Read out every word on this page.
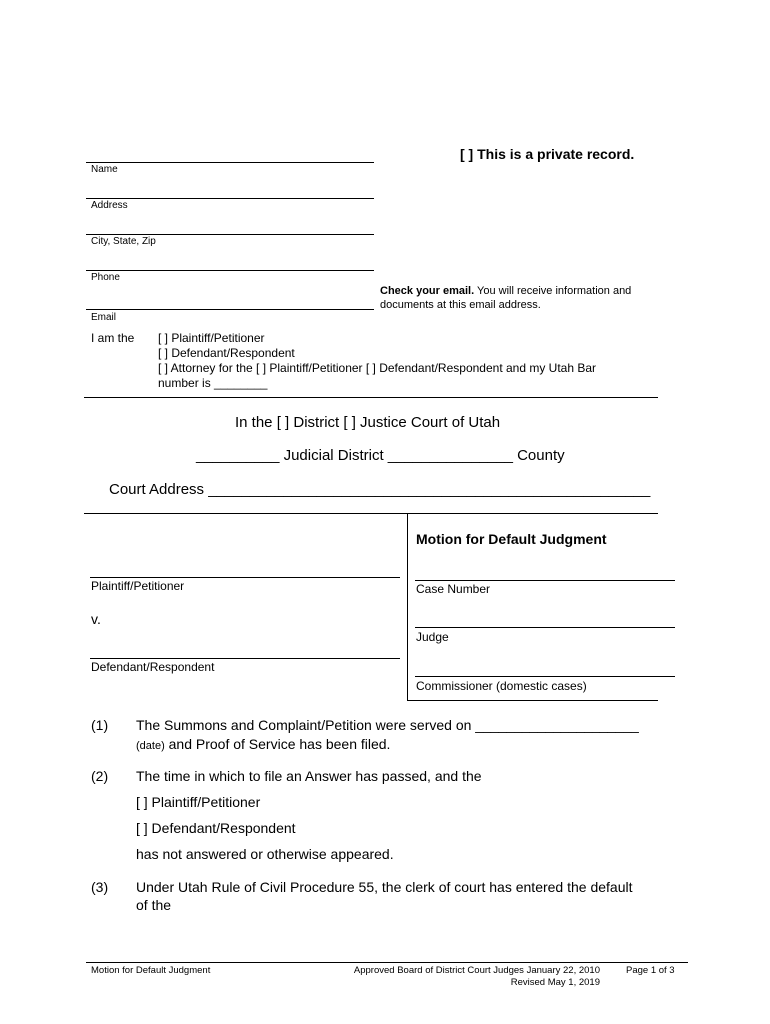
[ ] This is a private record.
Name
Address
City, State, Zip
Phone
Email
Check your email. You will receive information and
documents at this email address.
I am the [ ] Plaintiff/Petitioner
[ ] Defendant/Respondent
[ ] Attorney for the [ ] Plaintiff/Petitioner [ ] Defendant/Respondent and my Utah Bar
number is ________
In the [ ] District [ ] Justice Court of Utah
__________ Judicial District _______________ County
Court Address _____________________________________________________
Motion for Default Judgment
Plaintiff/Petitioner
v.
Defendant/Respondent
Case Number
Judge
Commissioner (domestic cases)
(1) The Summons and Complaint/Petition were served on _____________________
(date) and Proof of Service has been filed.
(2) The time in which to file an Answer has passed, and the
[ ] Plaintiff/Petitioner
[ ] Defendant/Respondent
has not answered or otherwise appeared.
(3) Under Utah Rule of Civil Procedure 55, the clerk of court has entered the default
of the
Motion for Default Judgment	Approved Board of District Court Judges January 22, 2010
Revised May 1, 2019
Page 1 of 3
